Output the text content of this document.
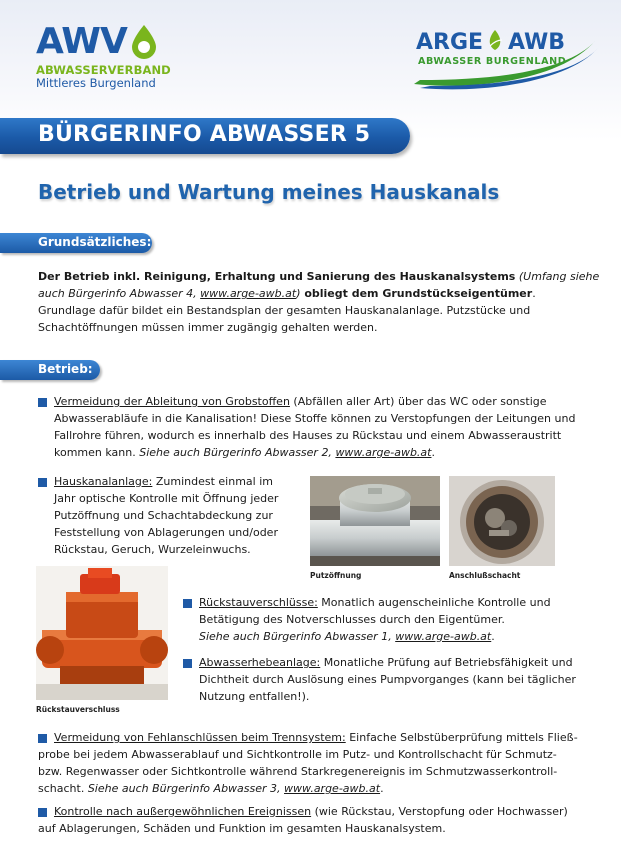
AWV
ABWASSERVERBAND
Mittleres Burgenland
ARGE AWB
ABWASSER BURGENLAND
BÜRGERINFO ABWASSER 5
Betrieb und Wartung meines Hauskanals
Grundsätzliches:
Der Betrieb inkl. Reinigung, Erhaltung und Sanierung des Hauskanalsystems (Umfang siehe
auch Bürgerinfo Abwasser 4, www.arge-awb.at) obliegt dem Grundstückseigentümer.
Grundlage dafür bildet ein Bestandsplan der gesamten Hauskanalanlage. Putzstücke und
Schachtöffnungen müssen immer zugängig gehalten werden.
Betrieb:
Vermeidung der Ableitung von Grobstoffen (Abfällen aller Art) über das WC oder sonstige
Abwasserabläufe in die Kanalisation! Diese Stoffe können zu Verstopfungen der Leitungen und
Fallrohre führen, wodurch es innerhalb des Hauses zu Rückstau und einem Abwasseraustritt
kommen kann. Siehe auch Bürgerinfo Abwasser 2, www.arge-awb.at.
Hauskanalanlage: Zumindest einmal im
Jahr optische Kontrolle mit Öffnung jeder
Putzöffnung und Schachtabdeckung zur
Feststellung von Ablagerungen und/oder
Rückstau, Geruch, Wurzeleinwuchs.
Putzöffnung	Anschlußschacht
Rückstauverschluss
Rückstauverschlüsse: Monatlich augenscheinliche Kontrolle und
Betätigung des Notverschlusses durch den Eigentümer.
Siehe auch Bürgerinfo Abwasser 1, www.arge-awb.at.
Abwasserhebeanlage: Monatliche Prüfung auf Betriebsfähigkeit und
Dichtheit durch Auslösung eines Pumpvorganges (kann bei täglicher
Nutzung entfallen!).
Vermeidung von Fehlanschlüssen beim Trennsystem: Einfache Selbstüberprüfung mittels Fließ-
probe bei jedem Abwasserablauf und Sichtkontrolle im Putz- und Kontrollschacht für Schmutz-
bzw. Regenwasser oder Sichtkontrolle während Starkregenereignis im Schmutzwasserkontroll-
schacht. Siehe auch Bürgerinfo Abwasser 3, www.arge-awb.at.
Kontrolle nach außergewöhnlichen Ereignissen (wie Rückstau, Verstopfung oder Hochwasser)
auf Ablagerungen, Schäden und Funktion im gesamten Hauskanalsystem.
